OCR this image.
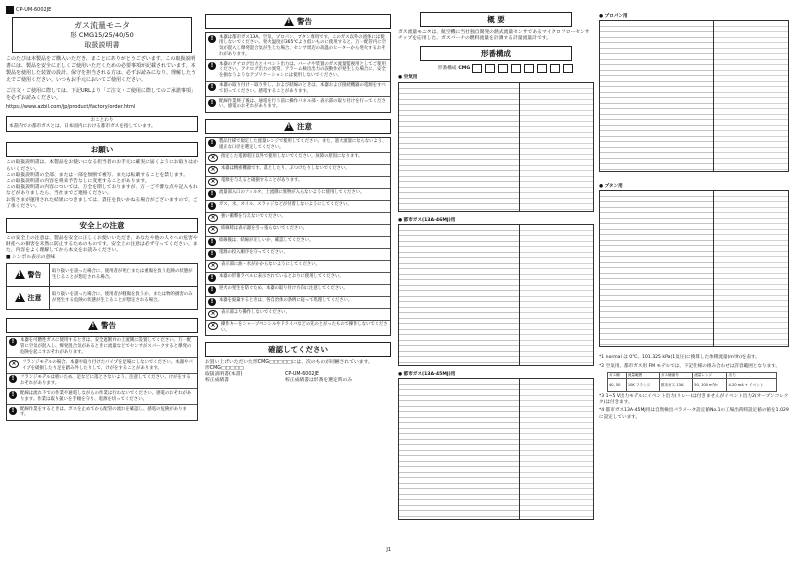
CP-UM-6002JE
ガス流量モニタ
形 CMG15/25/40/50
取扱説明書
このたびは本製品をご購入いただき、まことにありがとうございます。この取扱説明書には、製品を安全に正しくご使用いただくための必要事項が記載されています。本製品を使用した装置の設計、保守を担当される方は、必ずお読みになり、理解したうえでご使用ください。いつもお手元においてご使用ください。
ご注文・ご使用に際しては、下記URLより「ご注文・ご使用に際してのご承諾事項」を必ずお読みください。
https://www.azbil.com/jp/product/factory/order.html
おことわり
本書内での都市ガスとは、日本国内における都市ガスを指しています。
お願い
この取扱説明書は、本製品をお使いになる担当者のお手元に確実に届くようにお取りはからいください。
この取扱説明書の全部、または一部を無断で複写、または転載することを禁じます。
この取扱説明書の内容を将来予告なしに変更することがあります。
この取扱説明書の内容については、万全を期しておりますが、万一ご不審な点や記入もれなどがありましたら、当社までご連絡ください。
お客さまが運用された結果につきましては、責任を負いかねる場合がございますので、ご了承ください。
安全上の注意
この安全上の注意は、製品を安全に正しくお使いいただき、あなたや他の人々への危害や財産への損害を未然に防止するためのものです。安全上の注意は必ず守ってください。また、内容をよく理解してから本文をお読みください。
■ シンボル表示の意味
!
警告	取り扱いを誤った場合に、使用者が死亡または重傷を負う危険の状態が生じることが想定される場合。
!
注意	取り扱いを誤った場合に、使用者が軽傷を負うか、または物的損害のみが発生する危険の状態が生じることが想定される場合。
!
警告
!	本器を可燃性ガスに使用するときは、安全遮断弁の上流側に設置してください。万一配管に空気が混入し、爆発混合気があるときに流量などでセンサがスパークすると爆発の危険を起こすおそれがあります。
×	フランジモデルの場合、本器や取り付けたパイプを足場にしないでください。本器やパイプを破損したり足を踏み外したりして、けがをすることがあります。
!	フランジモデルは重いため、足などに落とさないよう、注意してください。けがをするおそれがあります。
!	配線は流れ下での作業や通電しながらの作業は行わないでください。感電のおそれがあります。作業は取り扱いを手順を守り、電源を切ってください。
!	配線作業をするときは、ガスを止めてから配管の流れを確認し、感電の危険があります。
!
警告
!	本器は都市ガス13A、空気、プロパン、ブタン専用です。このガス以外の流体には使用しないでください。発火温度が365℃より低いものに使用すると、万一配管内に空気が混入し爆発混合気が生じた場合、センサ周辺の高温のヒーターから発火するおそれがあります。
!	本器のアナログ出力とイベント出力は、バーナや装置のガス流量監視用としてご使用ください。アナログ出力の異常、アラーム検出出力の誤動作が発生した場合に、安全を損なうようなアプリケーションには使用しないでください。
!	本器の取り付け・取り外し、および結線のときは、本器および接続機器の電源をすべて切ってください。感電することがあります。
!	配線作業終了後は、通電を行う前に操作パネル部・表示部の取り付けを行ってください。感電のおそれがあります。
!
注意
!	製品仕様で規定した流量レンジで使用してください。また、過大流量にならないよう、適正な口径を選定してください。
×	指定した電源電圧以外で使用しないでください。故障の原因になります。
×	本器は精密機器です。落としたり、ぶつけたりしないでください。
×	電源を与えると破損することがあります。
!	流量部入口のフィルタ、上流側に異物が入らないように使用してください。
!	ガス、水、オイル、スラッジなどが付着しないようにしてください。
×	強い衝撃を与えないでください。
×	結線時は表示器を引っ張らないでください。
!	結線後は、結線が正しいか、確認してください。
!	電源の投入順序を守ってください。
×	表示部に油・水がかからないようにしてください。
!	本器の形番ラベルに表示されているとおりに使用してください。
!	逆火の発生を防ぐため、本器の取り付け方向に注意してください。
!	本器を廃棄するときは、各自治体の条例に従って処理してください。
×	表示部より操作しないでください。
×	操作キーをシャープペンシルやドライバなどの先のとがったもので操作しないでください。
確認してください
お買い上げいただいた形CMG□□□□□には、次のものが同梱されています。
形CMG□□□□□
取扱説明書(本書)	CP-UM-6002JE
校正成績書	校正成績書は形番を選定時のみ
J1
概 要
ガス流量モニタは、航空機に当社独自開発の熱式流量センサであるマイクロフローセンサチップを応用した、ガスバーナの燃料流量を計測する計量流量計です。
形番構成
形番構成 CMG
● 空気用
● 都市ガス(13A-46MJ)用
● 都市ガス(13A-45MJ)用
● プロパン用
● ブタン用
*1 normal は 0℃、101.325 kPa(1気圧)に換算した体積流量(m³/h)を表す。
*2 空気用、都市ガス用 FM モデルでは、下記仕様の組み合わせは許容範囲となります。
ガス種	流量範囲	ガス種番号	流量レンジ	出力
40, 50	10K フランジ	都市ガス 13A	50, 100 m³/h	4-20 mA + イベント
*3 1~5 V出力モデルにイベント出力(リレー)は付きませんがイベント出力2(オープンコレクタ)は付きます。
*4 都市ガス13A-45MJ用は自然検出パラメータ設定値No.1の工場出荷時設定値の値を1.029に設定しています。
